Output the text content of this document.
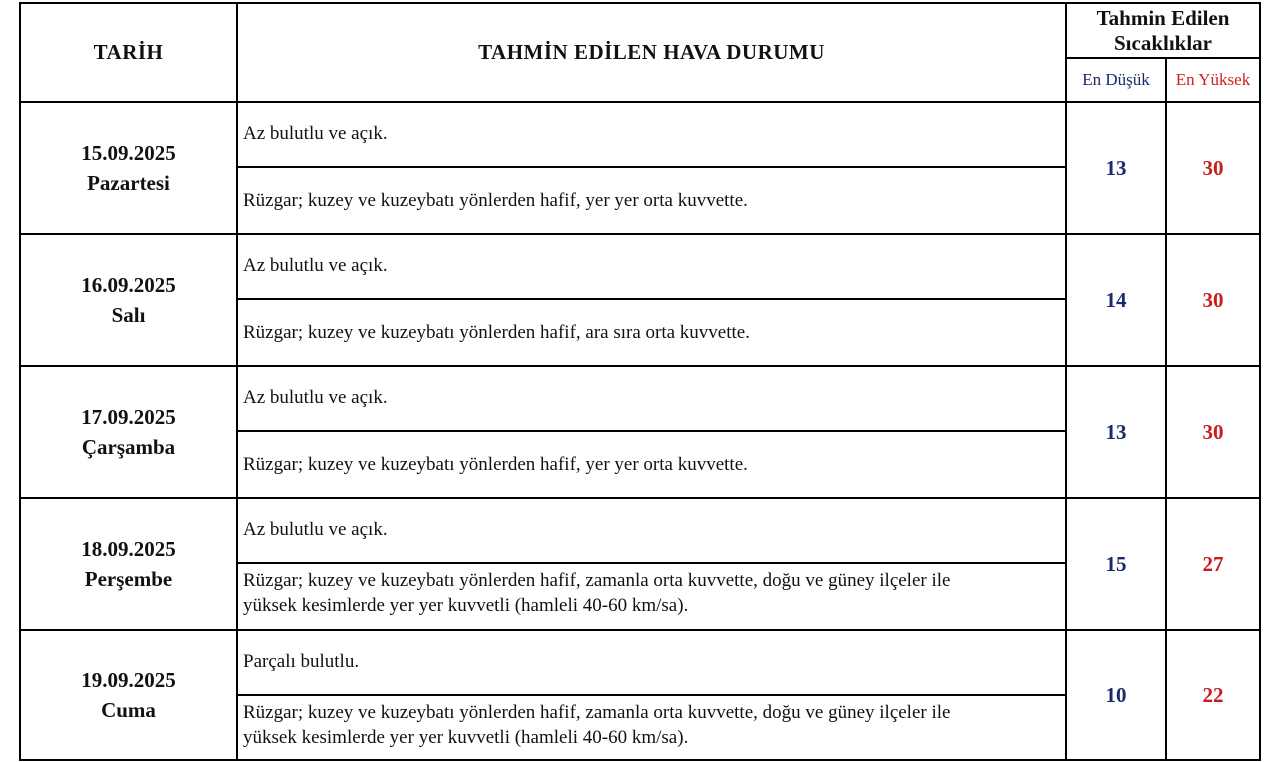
TARİH	TAHMİN EDİLEN HAVA DURUMU
Tahmin Edilen
Sıcaklıklar
En Düşük	En Yüksek
15.09.2025
Pazartesi
Az bulutlu ve açık.
Rüzgar; kuzey ve kuzeybatı yönlerden hafif, yer yer orta kuvvette.
13	30
16.09.2025
Salı
Az bulutlu ve açık.
Rüzgar; kuzey ve kuzeybatı yönlerden hafif, ara sıra orta kuvvette.
14	30
17.09.2025
Çarşamba
Az bulutlu ve açık.
Rüzgar; kuzey ve kuzeybatı yönlerden hafif, yer yer orta kuvvette.
13	30
18.09.2025
Perşembe
Az bulutlu ve açık.
Rüzgar; kuzey ve kuzeybatı yönlerden hafif, zamanla orta kuvvette, doğu ve güney ilçeler ile
yüksek kesimlerde yer yer kuvvetli (hamleli 40-60 km/sa).
15	27
19.09.2025
Cuma
Parçalı bulutlu.
Rüzgar; kuzey ve kuzeybatı yönlerden hafif, zamanla orta kuvvette, doğu ve güney ilçeler ile
yüksek kesimlerde yer yer kuvvetli (hamleli 40-60 km/sa).
10	22
